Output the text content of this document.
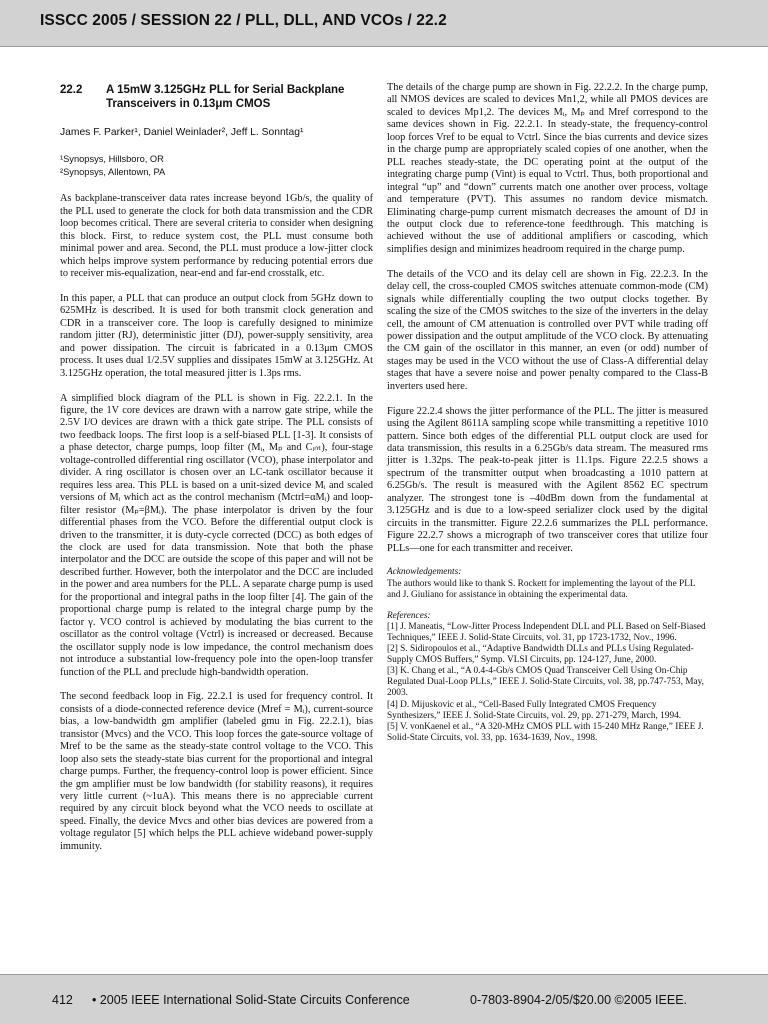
ISSCC 2005 / SESSION 22 / PLL, DLL, AND VCOs / 22.2
22.2	A 15mW 3.125GHz PLL for Serial Backplane Transceivers in 0.13μm CMOS
James F. Parker¹, Daniel Weinlader², Jeff L. Sonntag¹
¹Synopsys, Hillsboro, OR
²Synopsys, Allentown, PA

As backplane-transceiver data rates increase beyond 1Gb/s, the quality of the PLL used to generate the clock for both data transmission and the CDR loop becomes critical. There are several criteria to consider when designing this block. First, to reduce system cost, the PLL must consume both minimal power and area. Second, the PLL must produce a low-jitter clock which helps improve system performance by reducing potential errors due to receiver mis-equalization, near-end and far-end crosstalk, etc.

In this paper, a PLL that can produce an output clock from 5GHz down to 625MHz is described. It is used for both transmit clock generation and CDR in a transceiver core. The loop is carefully designed to minimize random jitter (RJ), deterministic jitter (DJ), power-supply sensitivity, area and power dissipation. The circuit is fabricated in a 0.13μm CMOS process. It uses dual 1/2.5V supplies and dissipates 15mW at 3.125GHz. At 3.125GHz operation, the total measured jitter is 1.3ps rms.

A simplified block diagram of the PLL is shown in Fig. 22.2.1. In the figure, the 1V core devices are drawn with a narrow gate stripe, while the 2.5V I/O devices are drawn with a thick gate stripe. The PLL consists of two feedback loops. The first loop is a self-biased PLL [1-3]. It consists of a phase detector, charge pumps, loop filter (Mᵢ, Mₚ and Cᵢₙₜ), four-stage voltage-controlled differential ring oscillator (VCO), phase interpolator and divider. A ring oscillator is chosen over an LC-tank oscillator because it requires less area. This PLL is based on a unit-sized device Mᵢ and scaled versions of Mᵢ which act as the control mechanism (Mctrl=αMᵢ) and loop-filter resistor (Mₚ=βMᵢ). The phase interpolator is driven by the four differential phases from the VCO. Before the differential output clock is driven to the transmitter, it is duty-cycle corrected (DCC) as both edges of the clock are used for data transmission. Note that both the phase interpolator and the DCC are outside the scope of this paper and will not be described further. However, both the interpolator and the DCC are included in the power and area numbers for the PLL. A separate charge pump is used for the proportional and integral paths in the loop filter [4]. The gain of the proportional charge pump is related to the integral charge pump by the factor γ. VCO control is achieved by modulating the bias current to the oscillator as the control voltage (Vctrl) is increased or decreased. Because the oscillator supply node is low impedance, the control mechanism does not introduce a substantial low-frequency pole into the open-loop transfer function of the PLL and preclude high-bandwidth operation.

The second feedback loop in Fig. 22.2.1 is used for frequency control. It consists of a diode-connected reference device (Mref = Mᵢ), current-source bias, a low-bandwidth gm amplifier (labeled gmu in Fig. 22.2.1), bias transistor (Mvcs) and the VCO. This loop forces the gate-source voltage of Mref to be the same as the steady-state control voltage to the VCO. This loop also sets the steady-state bias current for the proportional and integral charge pumps. Further, the frequency-control loop is power efficient. Since the gm amplifier must be low bandwidth (for stability reasons), it requires very little current (~1uA). This means there is no appreciable current required by any circuit block beyond what the VCO needs to oscillate at speed. Finally, the device Mvcs and other bias devices are powered from a voltage regulator [5] which helps the PLL achieve wideband power-supply immunity.

The details of the charge pump are shown in Fig. 22.2.2. In the charge pump, all NMOS devices are scaled to devices Mn1,2, while all PMOS devices are scaled to devices Mp1,2. The devices Mᵢ, Mₚ and Mref correspond to the same devices shown in Fig. 22.2.1. In steady-state, the frequency-control loop forces Vref to be equal to Vctrl. Since the bias currents and device sizes in the charge pump are appropriately scaled copies of one another, when the PLL reaches steady-state, the DC operating point at the output of the integrating charge pump (Vint) is equal to Vctrl. Thus, both proportional and integral “up” and “down” currents match one another over process, voltage and temperature (PVT). This assumes no random device mismatch. Eliminating charge-pump current mismatch decreases the amount of DJ in the output clock due to reference-tone feedthrough. This matching is achieved without the use of additional amplifiers or cascoding, which simplifies design and minimizes headroom required in the charge pump.

The details of the VCO and its delay cell are shown in Fig. 22.2.3. In the delay cell, the cross-coupled CMOS switches attenuate common-mode (CM) signals while differentially coupling the two output clocks together. By scaling the size of the CMOS switches to the size of the inverters in the delay cell, the amount of CM attenuation is controlled over PVT while trading off power dissipation and the output amplitude of the VCO clock. By attenuating the CM gain of the oscillator in this manner, an even (or odd) number of stages may be used in the VCO without the use of Class-A differential delay stages that have a severe noise and power penalty compared to the Class-B inverters used here.

Figure 22.2.4 shows the jitter performance of the PLL. The jitter is measured using the Agilent 8611A sampling scope while transmitting a repetitive 1010 pattern. Since both edges of the differential PLL output clock are used for data transmission, this results in a 6.25Gb/s data stream. The measured rms jitter is 1.32ps. The peak-to-peak jitter is 11.1ps. Figure 22.2.5 shows a spectrum of the transmitter output when broadcasting a 1010 pattern at 6.25Gb/s. The result is measured with the Agilent 8562 EC spectrum analyzer. The strongest tone is –40dBm down from the fundamental at 3.125GHz and is due to a low-speed serializer clock used by the digital circuits in the transmitter. Figure 22.2.6 summarizes the PLL performance. Figure 22.2.7 shows a micrograph of two transceiver cores that utilize four PLLs—one for each transmitter and receiver.

Acknowledgements:
The authors would like to thank S. Rockett for implementing the layout of the PLL and J. Giuliano for assistance in obtaining the experimental data.
References:
[1] J. Maneatis, “Low-Jitter Process Independent DLL and PLL Based on Self-Biased Techniques,” IEEE J. Solid-State Circuits, vol. 31, pp 1723-1732, Nov., 1996.
[2] S. Sidiropoulos et al., “Adaptive Bandwidth DLLs and PLLs Using Regulated-Supply CMOS Buffers,” Symp. VLSI Circuits, pp. 124-127, June, 2000.
[3] K. Chang et al., “A 0.4-4-Gb/s CMOS Quad Transceiver Cell Using On-Chip Regulated Dual-Loop PLLs,” IEEE J. Solid-State Circuits, vol. 38, pp.747-753, May, 2003.
[4] D. Mijuskovic et al., “Cell-Based Fully Integrated CMOS Frequency Synthesizers,” IEEE J. Solid-State Circuits, vol. 29, pp. 271-279, March, 1994.
[5] V. vonKaenel et al., “A 320-MHz CMOS PLL with 15-240 MHz Range,” IEEE J. Solid-State Circuits, vol. 33, pp. 1634-1639, Nov., 1998.
412 • 2005 IEEE International Solid-State Circuits Conference	0-7803-8904-2/05/$20.00 ©2005 IEEE.
